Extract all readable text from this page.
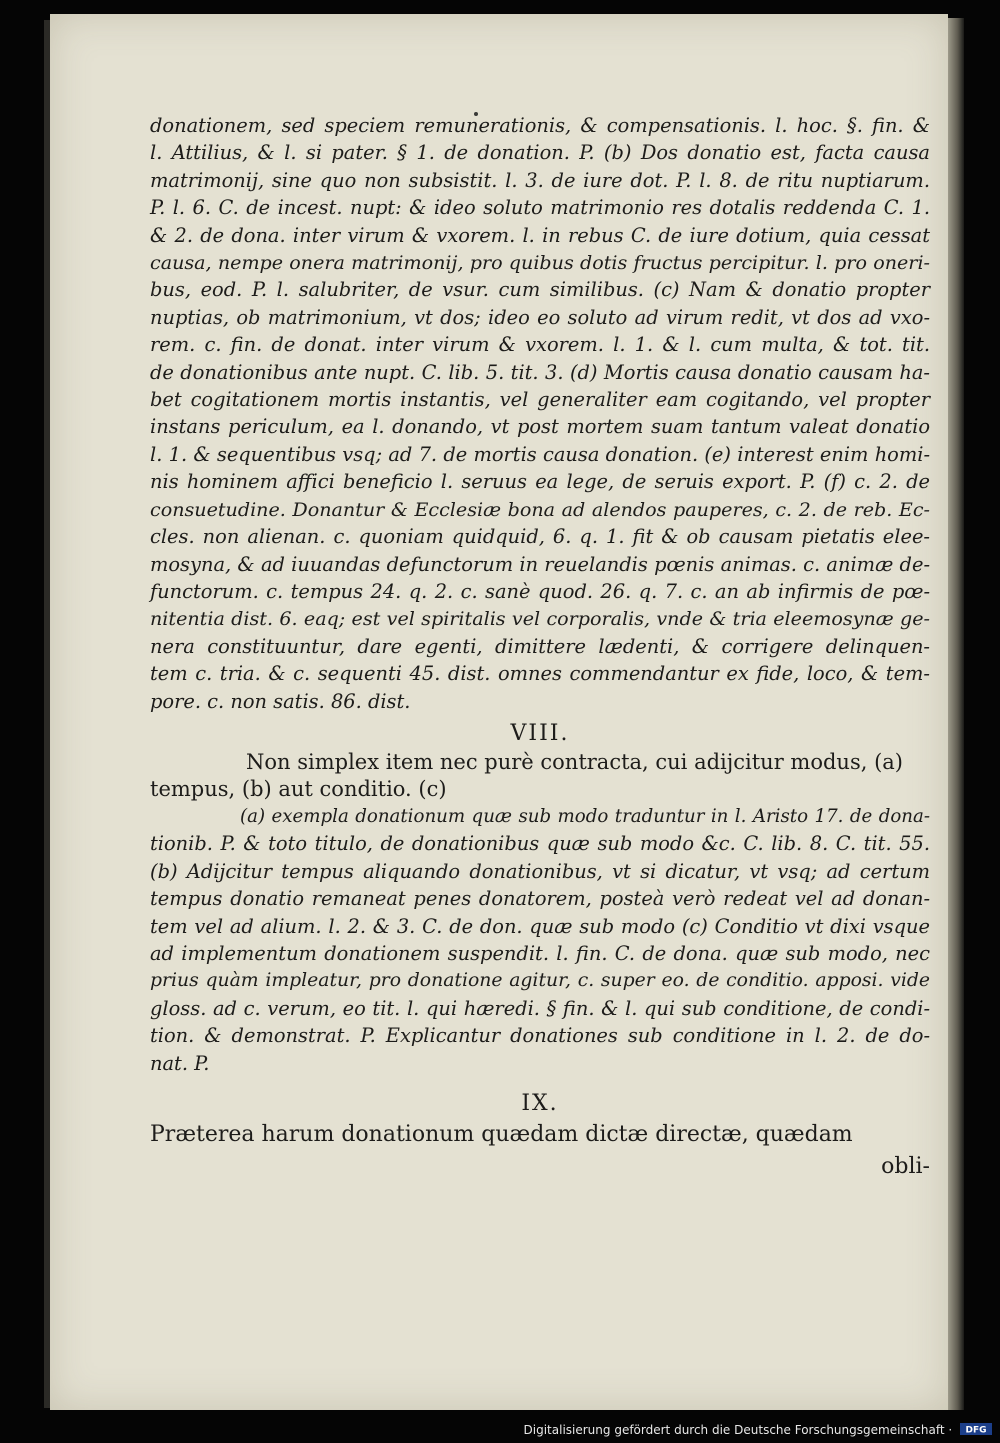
donationem, sed speciem remunerationis, & compensationis. l. hoc. §. fin. &
l. Attilius, & l. si pater. § 1. de donation. P. (b) Dos donatio est, facta causa
matrimonij, sine quo non subsistit. l. 3. de iure dot. P. l. 8. de ritu nuptiarum.
P. l. 6. C. de incest. nupt: & ideo soluto matrimonio res dotalis reddenda C. 1.
& 2. de dona. inter virum & vxorem. l. in rebus C. de iure dotium, quia cessat
causa, nempe onera matrimonij, pro quibus dotis fructus percipitur. l. pro oneri-
bus, eod. P. l. salubriter, de vsur. cum similibus. (c) Nam & donatio propter
nuptias, ob matrimonium, vt dos; ideo eo soluto ad virum redit, vt dos ad vxo-
rem. c. fin. de donat. inter virum & vxorem. l. 1. & l. cum multa, & tot. tit.
de donationibus ante nupt. C. lib. 5. tit. 3. (d) Mortis causa donatio causam ha-
bet cogitationem mortis instantis, vel generaliter eam cogitando, vel propter
instans periculum, ea l. donando, vt post mortem suam tantum valeat donatio
l. 1. & sequentibus vsq; ad 7. de mortis causa donation. (e) interest enim homi-
nis hominem affici beneficio l. seruus ea lege, de seruis export. P. (f) c. 2. de
consuetudine. Donantur & Ecclesiæ bona ad alendos pauperes, c. 2. de reb. Ec-
cles. non alienan. c. quoniam quidquid, 6. q. 1. fit & ob causam pietatis elee-
mosyna, & ad iuuandas defunctorum in reuelandis pœnis animas. c. animæ de-
functorum. c. tempus 24. q. 2. c. sanè quod. 26. q. 7. c. an ab infirmis de pœ-
nitentia dist. 6. eaq; est vel spiritalis vel corporalis, vnde & tria eleemosynæ ge-
nera constituuntur, dare egenti, dimittere lædenti, & corrigere delinquen-
tem c. tria. & c. sequenti 45. dist. omnes commendantur ex fide, loco, & tem-
pore. c. non satis. 86. dist.
VIII.
Non simplex item nec purè contracta, cui adijcitur modus, (a)
tempus, (b) aut conditio. (c)
(a) exempla donationum quæ sub modo traduntur in l. Aristo 17. de dona-
tionib. P. & toto titulo, de donationibus quæ sub modo &c. C. lib. 8. C. tit. 55.
(b) Adijcitur tempus aliquando donationibus, vt si dicatur, vt vsq; ad certum
tempus donatio remaneat penes donatorem, posteà verò redeat vel ad donan-
tem vel ad alium. l. 2. & 3. C. de don. quæ sub modo (c) Conditio vt dixi vsque
ad implementum donationem suspendit. l. fin. C. de dona. quæ sub modo, nec
prius quàm impleatur, pro donatione agitur, c. super eo. de conditio. apposi. vide
gloss. ad c. verum, eo tit. l. qui hæredi. § fin. & l. qui sub conditione, de condi-
tion. & demonstrat. P. Explicantur donationes sub conditione in l. 2. de do-
nat. P.
IX.
Præterea harum donationum quædam dictæ directæ, quædam
obli-
Digitalisierung gefördert durch die Deutsche Forschungsgemeinschaft · DFG
